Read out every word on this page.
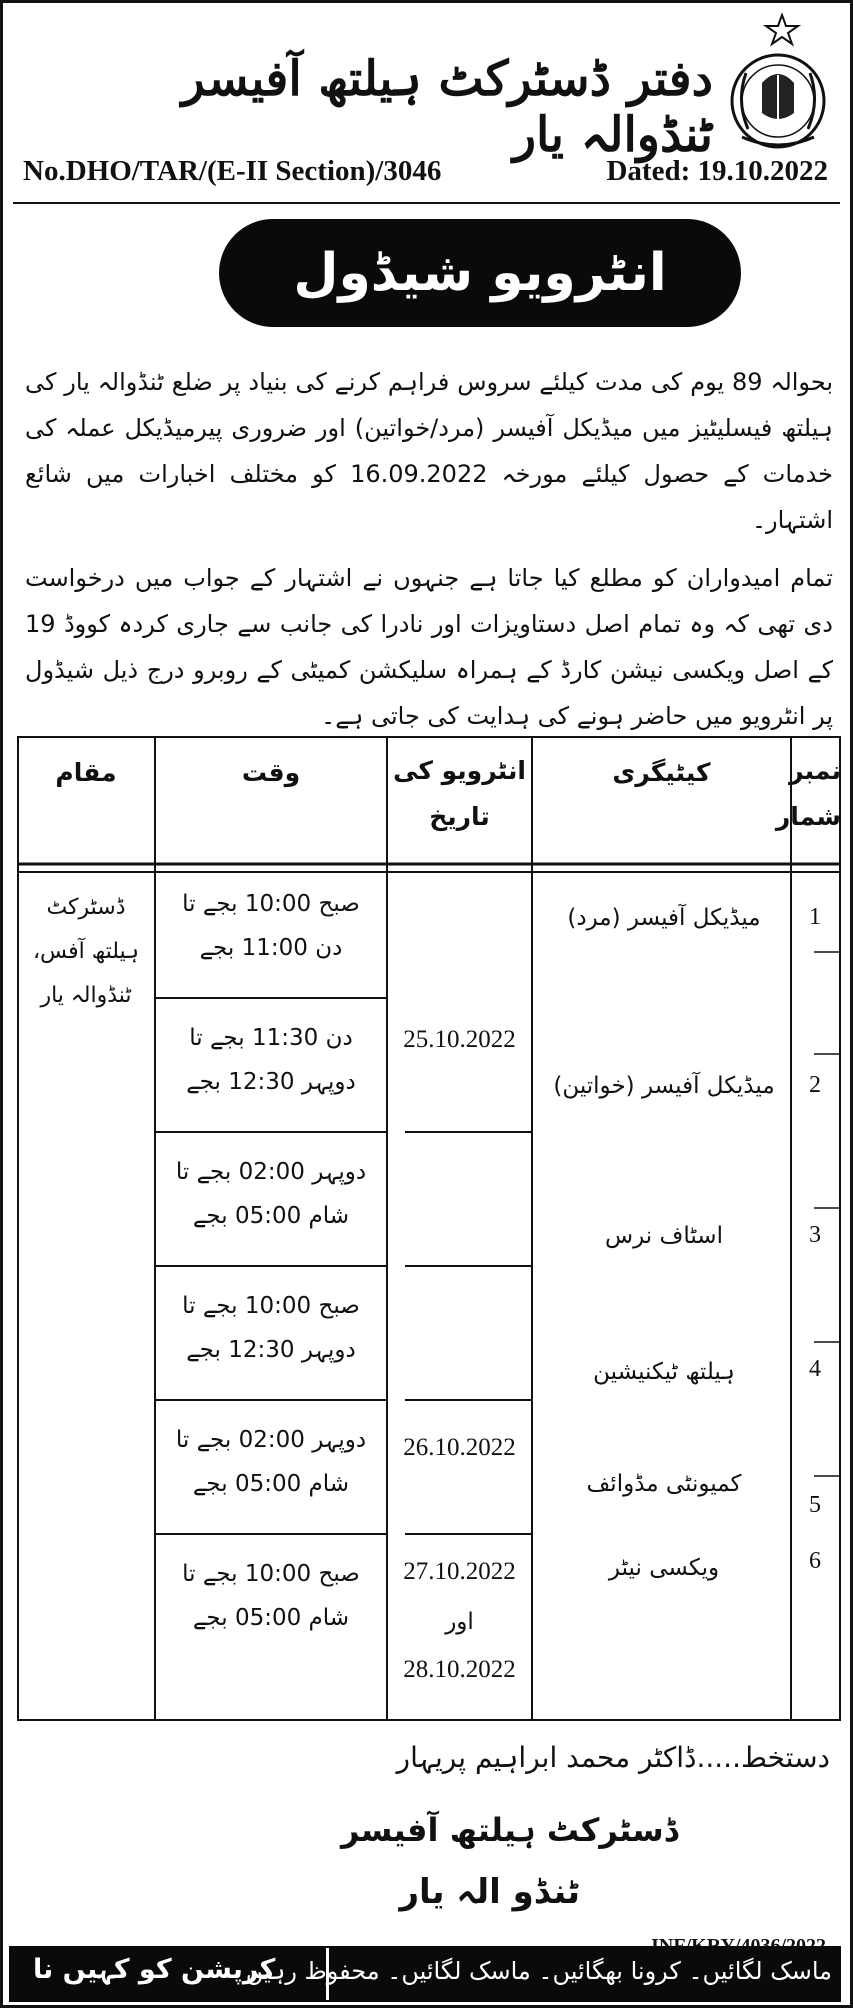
دفتر ڈسٹرکٹ ہیلتھ آفیسر ٹنڈوالہ یار
No.DHO/TAR/(E-II Section)/3046	Dated: 19.10.2022
انٹرویو شیڈول
بحوالہ 89 یوم کی مدت کیلئے سروس فراہم کرنے کی بنیاد پر ضلع ٹنڈوالہ یار کی ہیلتھ فیسلیٹیز میں میڈیکل آفیسر (مرد/خواتین) اور ضروری پیرمیڈیکل عملہ کی خدمات کے حصول کیلئے مورخہ 16.09.2022 کو مختلف اخبارات میں شائع اشتہار۔
تمام امیدواران کو مطلع کیا جاتا ہے جنہوں نے اشتہار کے جواب میں درخواست دی تھی کہ وہ تمام اصل دستاویزات اور نادرا کی جانب سے جاری کردہ کووڈ 19 کے اصل ویکسی نیشن کارڈ کے ہمراہ سلیکشن کمیٹی کے روبرو درج ذیل شیڈول پر انٹرویو میں حاضر ہونے کی ہدایت کی جاتی ہے۔
نمبر
شمار
کیٹیگری
انٹرویو کی
تاریخ
وقت
مقام
1
2
3
4
5
6
میڈیکل آفیسر (مرد)
میڈیکل آفیسر (خواتین)
اسٹاف نرس
ہیلتھ ٹیکنیشین
کمیونٹی مڈوائف
ویکسی نیٹر
25.10.2022
26.10.2022
27.10.2022
اور
28.10.2022
صبح 10:00 بجے تا
دن 11:00 بجے
دن 11:30 بجے تا
دوپہر 12:30 بجے
دوپہر 02:00 بجے تا
شام 05:00 بجے
صبح 10:00 بجے تا
دوپہر 12:30 بجے
دوپہر 02:00 بجے تا
شام 05:00 بجے
صبح 10:00 بجے تا
شام 05:00 بجے
ڈسٹرکٹ
ہیلتھ آفس،
ٹنڈوالہ یار
دستخط.....ڈاکٹر محمد ابراہیم پریہار
ڈسٹرکٹ ہیلتھ آفیسر
ٹنڈو الہ یار
ماسک لگائیں۔ کرونا بھگائیں۔ ماسک لگائیں۔ محفوظ رہیں
کرپشن کو کہیں نا
